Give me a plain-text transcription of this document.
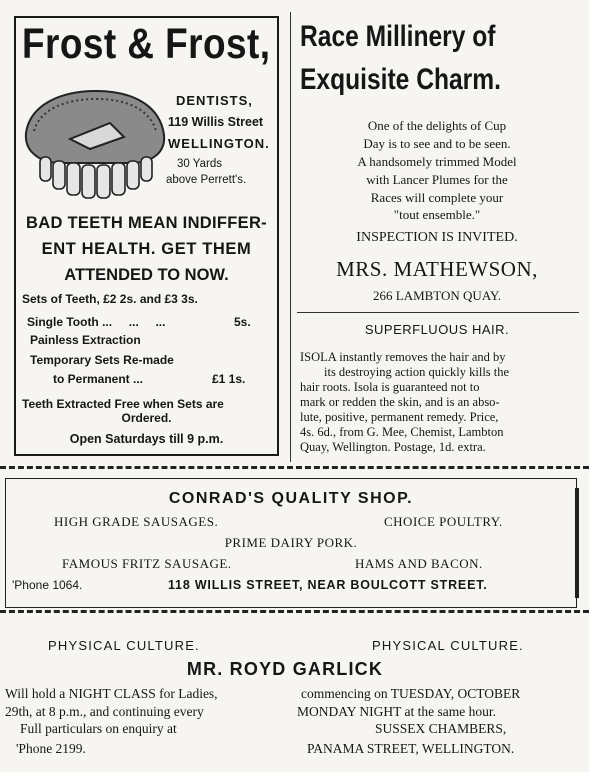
Frost & Frost,
DENTISTS,
119 Willis Street
WELLINGTON.
30 Yards
above Perrett's.
BAD TEETH MEAN INDIFFER-
ENT HEALTH. GET THEM
ATTENDED TO NOW.
Sets of Teeth, £2 2s. and £3 3s.
Single Tooth ...     ...     ...	5s.
Painless Extraction
Temporary Sets Re-made
to Permanent ...	£1 1s.
Teeth Extracted Free when Sets are
Ordered.
Open Saturdays till 9 p.m.
Race Millinery of
Exquisite Charm.
One of the delights of Cup
Day is to see and to be seen.
A handsomely trimmed Model
with Lancer Plumes for the
Races will complete your
"tout ensemble."
INSPECTION IS INVITED.
MRS. MATHEWSON,
266 LAMBTON QUAY.
SUPERFLUOUS HAIR.
ISOLA instantly removes the hair and by
its destroying action quickly kills the
hair roots. Isola is guaranteed not to
mark or redden the skin, and is an abso-
lute, positive, permanent remedy. Price,
4s. 6d., from G. Mee, Chemist, Lambton
Quay, Wellington. Postage, 1d. extra.
CONRAD'S QUALITY SHOP.
HIGH GRADE SAUSAGES.	CHOICE POULTRY.
PRIME DAIRY PORK.
FAMOUS FRITZ SAUSAGE.	HAMS AND BACON.
'Phone 1064.	118 WILLIS STREET, NEAR BOULCOTT STREET.
PHYSICAL CULTURE.	PHYSICAL CULTURE.
MR. ROYD GARLICK
Will hold a NIGHT CLASS for Ladies,	commencing on TUESDAY, OCTOBER
29th, at 8 p.m., and continuing every	MONDAY NIGHT at the same hour.
Full particulars on enquiry at	SUSSEX CHAMBERS,
'Phone 2199.	PANAMA STREET, WELLINGTON.
